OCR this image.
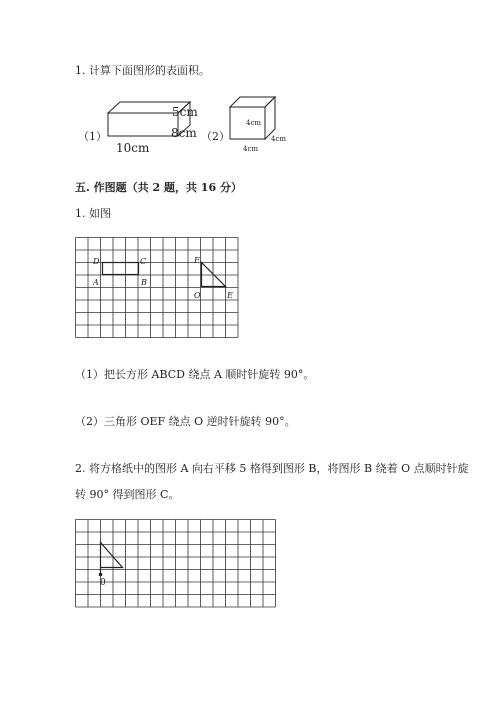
1. 计算下面图形的表面积。
（1）
5cm
8cm
10cm
（2）
4cm
4cm
4cm
五. 作图题（共 2 题，共 16 分）
1. 如图
D	C
A	B
F
O	E
（1）把长方形 ABCD 绕点 A 顺时针旋转 90°。
（2）三角形 OEF 绕点 O 逆时针旋转 90°。
2. 将方格纸中的图形 A 向右平移 5 格得到图形 B，将图形 B 绕着 O 点顺时针旋
转 90° 得到图形 C。
0
